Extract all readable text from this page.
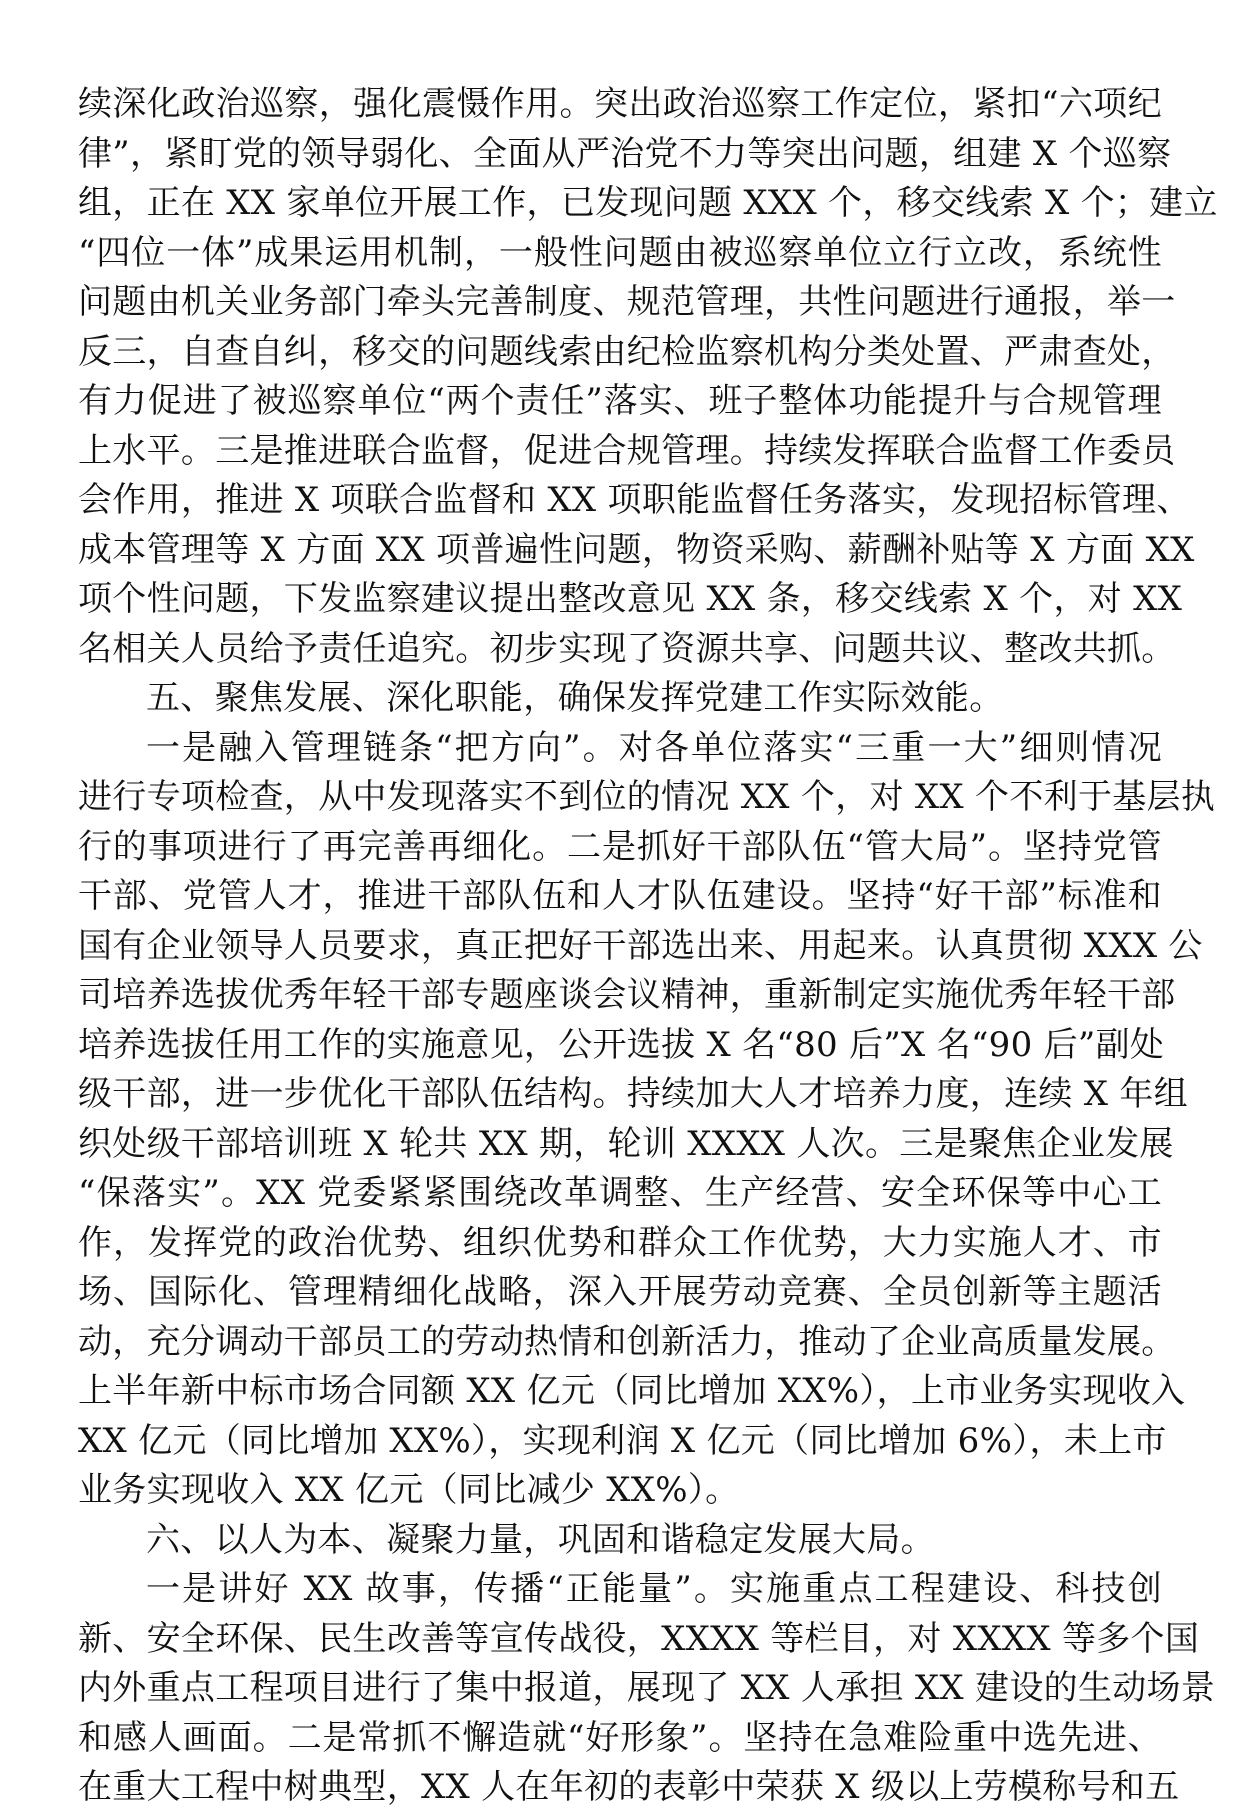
续深化政治巡察，强化震慑作用。突出政治巡察工作定位，紧扣“六项纪
律”，紧盯党的领导弱化、全面从严治党不力等突出问题，组建 X 个巡察
组，正在 XX 家单位开展工作，已发现问题 XXX 个，移交线索 X 个；建立
“四位一体”成果运用机制，一般性问题由被巡察单位立行立改，系统性
问题由机关业务部门牵头完善制度、规范管理，共性问题进行通报，举一
反三，自查自纠，移交的问题线索由纪检监察机构分类处置、严肃查处，
有力促进了被巡察单位“两个责任”落实、班子整体功能提升与合规管理
上水平。三是推进联合监督，促进合规管理。持续发挥联合监督工作委员
会作用，推进 X 项联合监督和 XX 项职能监督任务落实，发现招标管理、
成本管理等 X 方面 XX 项普遍性问题，物资采购、薪酬补贴等 X 方面 XX
项个性问题，下发监察建议提出整改意见 XX 条，移交线索 X 个，对 XX
名相关人员给予责任追究。初步实现了资源共享、问题共议、整改共抓。
五、聚焦发展、深化职能，确保发挥党建工作实际效能。
一是融入管理链条“把方向”。对各单位落实“三重一大”细则情况
进行专项检查，从中发现落实不到位的情况 XX 个，对 XX 个不利于基层执
行的事项进行了再完善再细化。二是抓好干部队伍“管大局”。坚持党管
干部、党管人才，推进干部队伍和人才队伍建设。坚持“好干部”标准和
国有企业领导人员要求，真正把好干部选出来、用起来。认真贯彻 XXX 公
司培养选拔优秀年轻干部专题座谈会议精神，重新制定实施优秀年轻干部
培养选拔任用工作的实施意见，公开选拔 X 名“80 后”X 名“90 后”副处
级干部，进一步优化干部队伍结构。持续加大人才培养力度，连续 X 年组
织处级干部培训班 X 轮共 XX 期，轮训 XXXX 人次。三是聚焦企业发展
“保落实”。XX 党委紧紧围绕改革调整、生产经营、安全环保等中心工
作，发挥党的政治优势、组织优势和群众工作优势，大力实施人才、市
场、国际化、管理精细化战略，深入开展劳动竞赛、全员创新等主题活
动，充分调动干部员工的劳动热情和创新活力，推动了企业高质量发展。
上半年新中标市场合同额 XX 亿元（同比增加 XX%），上市业务实现收入
XX 亿元（同比增加 XX%），实现利润 X 亿元（同比增加 6%），未上市
业务实现收入 XX 亿元（同比减少 XX%）。
六、以人为本、凝聚力量，巩固和谐稳定发展大局。
一是讲好 XX 故事，传播“正能量”。实施重点工程建设、科技创
新、安全环保、民生改善等宣传战役，XXXX 等栏目，对 XXXX 等多个国
内外重点工程项目进行了集中报道，展现了 XX 人承担 XX 建设的生动场景
和感人画面。二是常抓不懈造就“好形象”。坚持在急难险重中选先进、
在重大工程中树典型，XX 人在年初的表彰中荣获 X 级以上劳模称号和五
